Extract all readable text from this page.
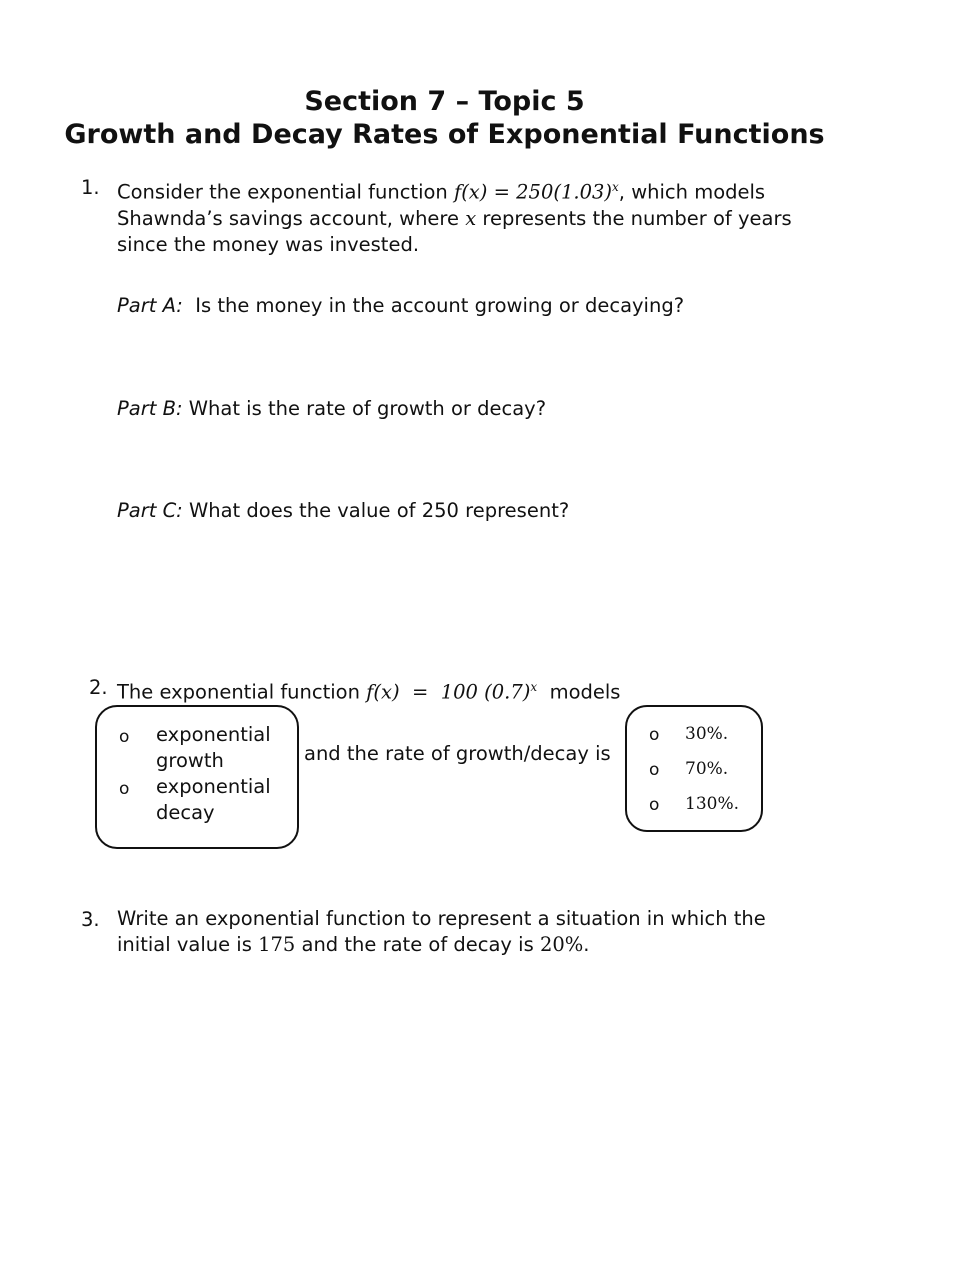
Section 7 – Topic 5
Growth and Decay Rates of Exponential Functions
1. Consider the exponential function $f(x) = 250(1.03)^x$, which models
Shawnda’s savings account, where x represents the number of years
since the money was invested.
Part A:  Is the money in the account growing or decaying?
Part B: What is the rate of growth or decay?
Part C: What does the value of 250 represent?
2. The exponential function f(x)  =  100 $(0.7)^x$  models
o exponential
growth
o exponential
decay
and the rate of growth/decay is
o 30%.
o 70%.
o 130%.
3. Write an exponential function to represent a situation in which the
initial value is 175 and the rate of decay is 20%.
